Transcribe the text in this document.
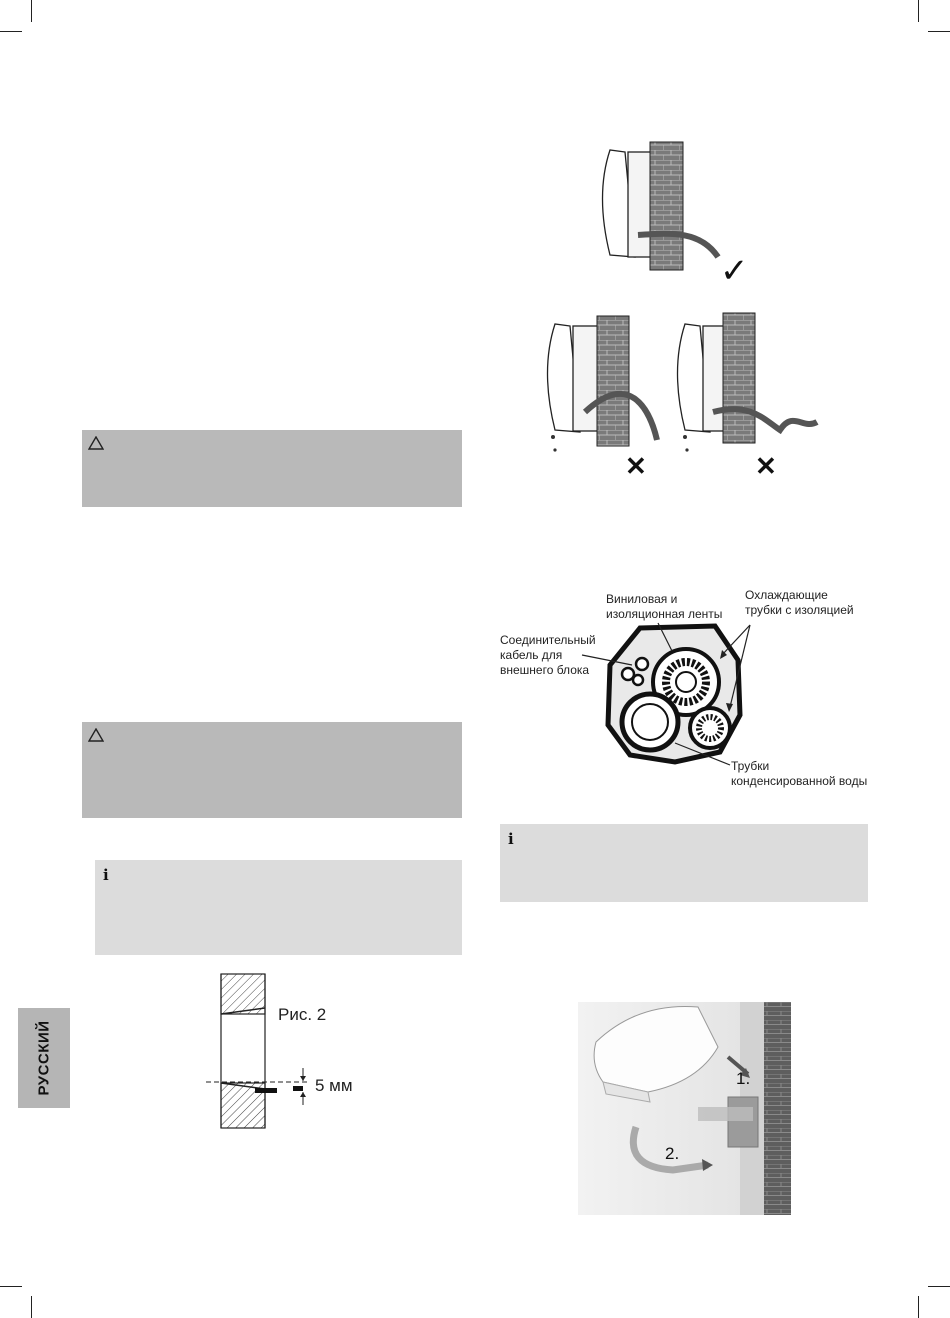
i
i
РУССКИЙ
Рис. 2
5 мм
✓
✕	✕
Виниловая и
изоляционная ленты
Охлаждающие
трубки с изоляцией
Соединительный
кабель для
внешнего блока
Трубки
конденсированной воды
1.
2.
